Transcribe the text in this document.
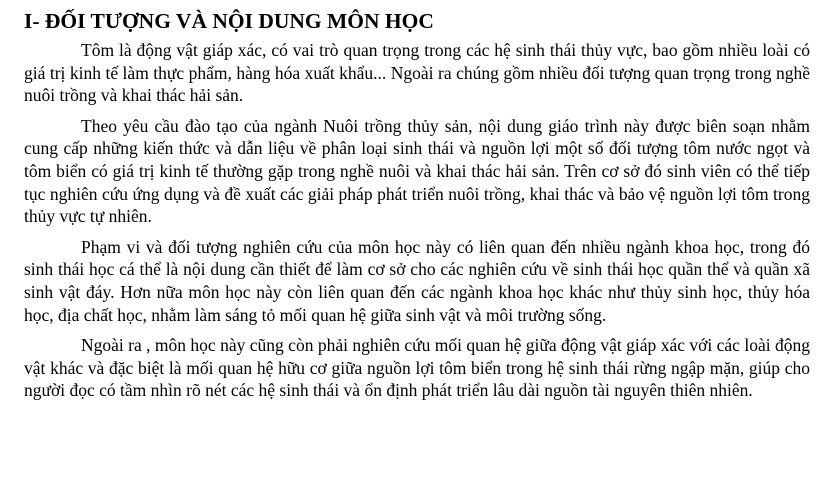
I- ĐỐI TƯỢNG VÀ NỘI DUNG MÔN HỌC

Tôm là động vật giáp xác, có vai trò quan trọng trong các hệ sinh thái thủy vực, bao gồm nhiều loài có giá trị kinh tế làm thực phẩm, hàng hóa xuất khẩu... Ngoài ra chúng gồm nhiều đối tượng quan trọng trong nghề nuôi trồng và khai thác hải sản.

Theo yêu cầu đào tạo của ngành Nuôi trồng thủy sản, nội dung giáo trình này được biên soạn nhằm cung cấp những kiến thức và dẫn liệu về phân loại sinh thái và nguồn lợi một số đối tượng tôm nước ngọt và tôm biển có giá trị kinh tế thường gặp trong nghề nuôi và khai thác hải sản. Trên cơ sở đó sinh viên có thể tiếp tục nghiên cứu ứng dụng và đề xuất các giải pháp phát triển nuôi trồng, khai thác và bảo vệ nguồn lợi tôm trong thủy vực tự nhiên.

Phạm vi và đối tượng nghiên cứu của môn học này có liên quan đến nhiều ngành khoa học, trong đó sinh thái học cá thể là nội dung cần thiết để làm cơ sở cho các nghiên cứu về sinh thái học quần thể và quần xã sinh vật đáy. Hơn nữa môn học này còn liên quan đến các ngành khoa học khác như thủy sinh học, thủy hóa học, địa chất học, nhằm làm sáng tỏ mối quan hệ giữa sinh vật và môi trường sống.

Ngoài ra , môn học này cũng còn phải nghiên cứu mối quan hệ giữa động vật giáp xác với các loài động vật khác và đặc biệt là mối quan hệ hữu cơ giữa nguồn lợi tôm biển trong hệ sinh thái rừng ngập mặn, giúp cho người đọc có tầm nhìn rõ nét các hệ sinh thái và ổn định phát triển lâu dài nguồn tài nguyên thiên nhiên.
